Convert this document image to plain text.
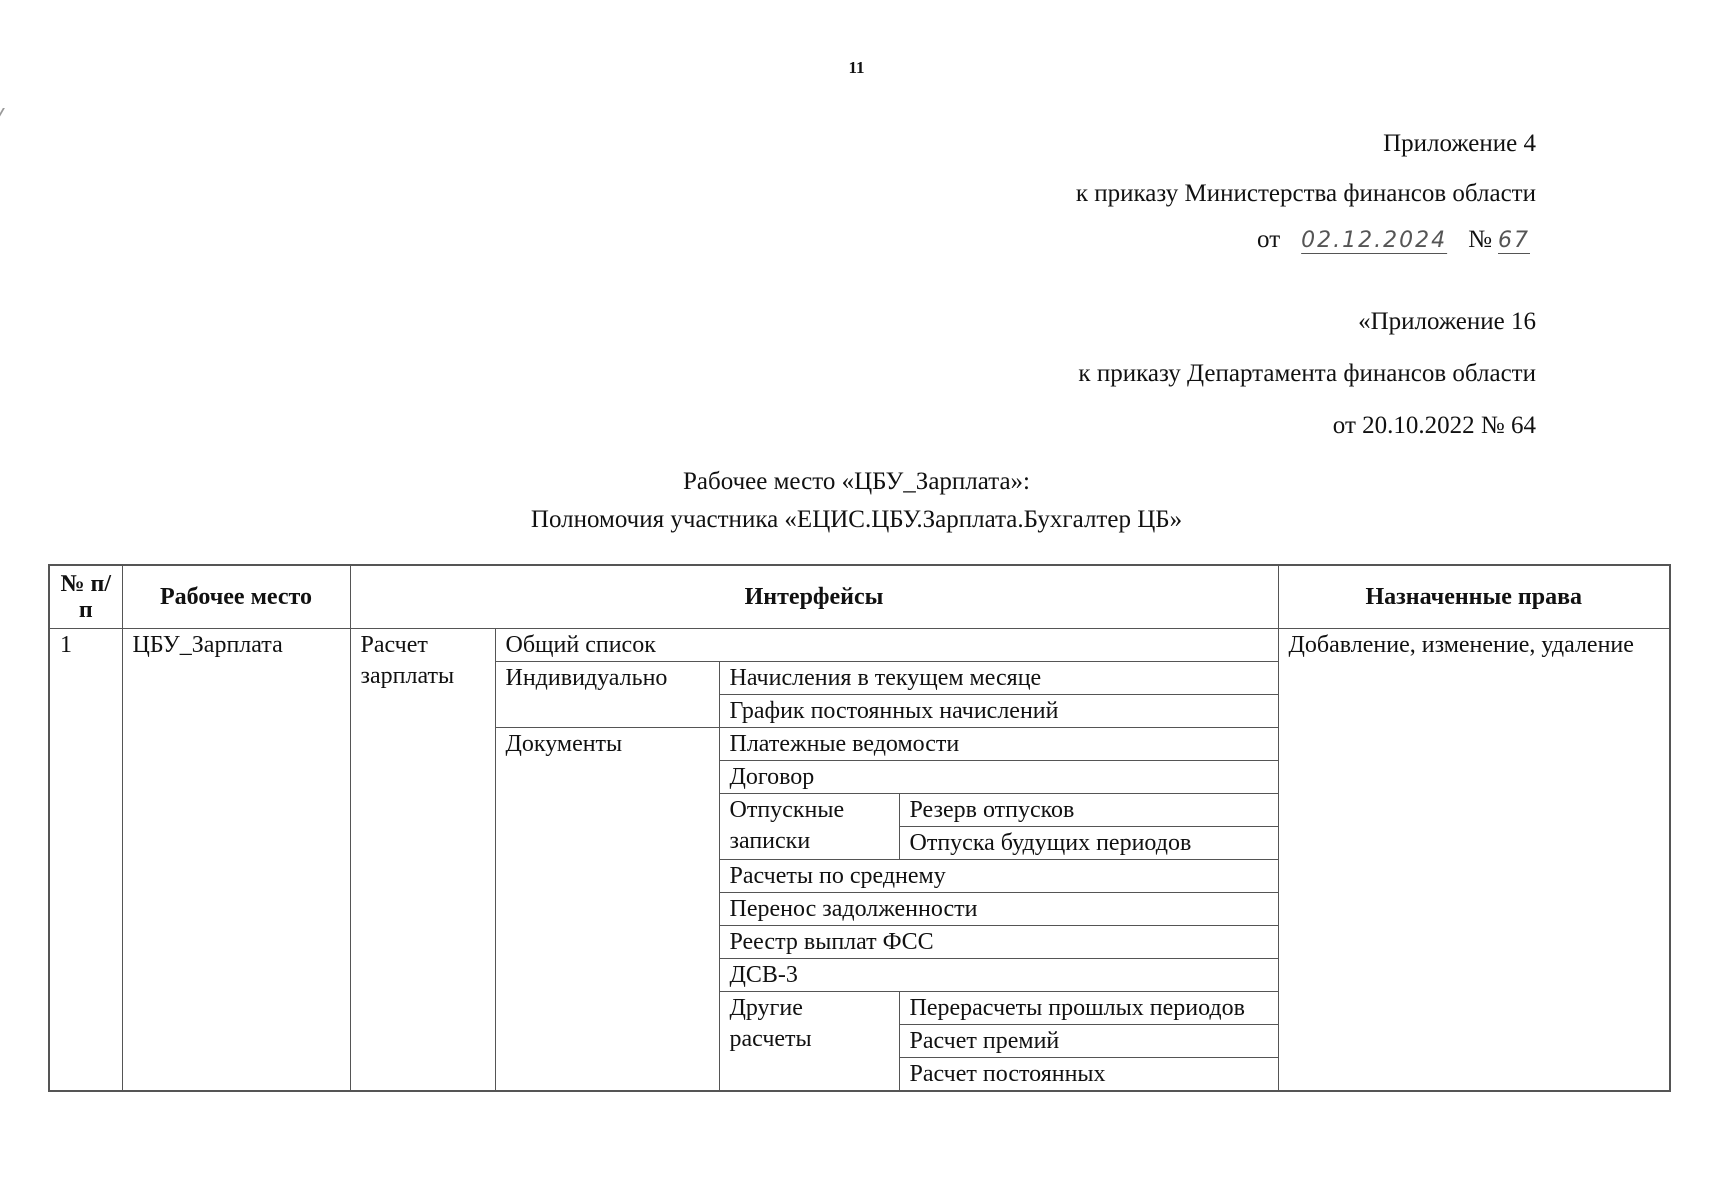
11
Приложение 4
к приказу Министерства финансов области
от 02.12.2024 № 67
«Приложение 16
к приказу Департамента финансов области
от 20.10.2022 № 64
Рабочее место «ЦБУ_Зарплата»:
Полномочия участника «ЕЦИС.ЦБУ.Зарплата.Бухгалтер ЦБ»
№ п/п	Рабочее место	Интерфейсы				Назначенные права
1	ЦБУ_Зарплата	Расчет зарплаты	Общий список			Добавление, изменение, удаление
			Индивидуально	Начисления в текущем месяце		
				График постоянных начислений		
			Документы	Платежные ведомости		
				Договор		
				Отпускные записки	Резерв отпусков	
					Отпуска будущих периодов	
				Расчеты по среднему		
				Перенос задолженности		
				Реестр выплат ФСС		
				ДСВ-3		
				Другие расчеты	Перерасчеты прошлых периодов	
					Расчет премий	
					Расчет постоянных	
